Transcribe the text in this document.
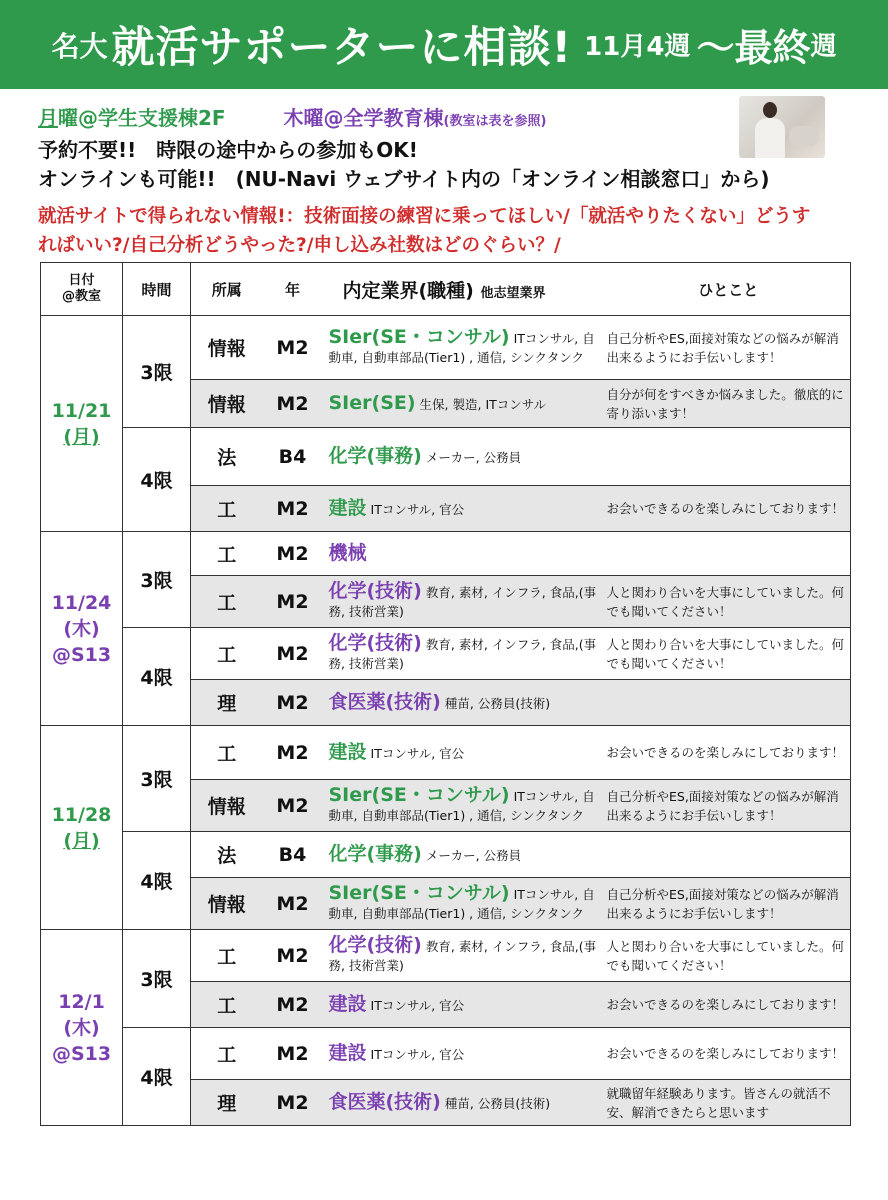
名大 就活サポーターに相談! 11月4週 〜最終 週
月曜@学生支援棟2F	木曜@全学教育棟(教室は表を参照)
予約不要!!　時限の途中からの参加もOK!
オンラインも可能!!　(NU-Navi ウェブサイト内の「オンライン相談窓口」から)
就活サイトで得られない情報!：技術面接の練習に乗ってほしい/「就活やりたくない」どうす
ればいい?/自己分析どうやった?/申し込み社数はどのぐらい？/
日付
@教室	時間	所属	年	内定業界(職種) 他志望業界	ひとこと

11/21
(月)	3限	情報	M2	SIer(SE・コンサル) ITコンサル, 自動車, 自動車部品(Tier1) , 通信, シンクタンク	自己分析やES,面接対策などの悩みが解消出来るようにお手伝いします！
		情報	M2	SIer(SE) 生保, 製造, ITコンサル	自分が何をすべきか悩みました。徹底的に寄り添います！
	4限	法	B4	化学(事務) メーカー, 公務員	
		工	M2	建設 ITコンサル, 官公	お会いできるのを楽しみにしております！

11/24
(木)
@S13	3限	工	M2	機械	
		工	M2	化学(技術) 教育, 素材, インフラ, 食品,(事務, 技術営業)	人と関わり合いを大事にしていました。何でも聞いてください！
	4限	工	M2	化学(技術) 教育, 素材, インフラ, 食品,(事務, 技術営業)	人と関わり合いを大事にしていました。何でも聞いてください！
		理	M2	食医薬(技術) 種苗, 公務員(技術)	

11/28
(月)	3限	工	M2	建設 ITコンサル, 官公	お会いできるのを楽しみにしております！
		情報	M2	SIer(SE・コンサル) ITコンサル, 自動車, 自動車部品(Tier1) , 通信, シンクタンク	自己分析やES,面接対策などの悩みが解消出来るようにお手伝いします！
	4限	法	B4	化学(事務) メーカー, 公務員	
		情報	M2	SIer(SE・コンサル) ITコンサル, 自動車, 自動車部品(Tier1) , 通信, シンクタンク	自己分析やES,面接対策などの悩みが解消出来るようにお手伝いします！

12/1
(木)
@S13	3限	工	M2	化学(技術) 教育, 素材, インフラ, 食品,(事務, 技術営業)	人と関わり合いを大事にしていました。何でも聞いてください！
		工	M2	建設 ITコンサル, 官公	お会いできるのを楽しみにしております！
	4限	工	M2	建設 ITコンサル, 官公	お会いできるのを楽しみにしております！
		理	M2	食医薬(技術) 種苗, 公務員(技術)	就職留年経験あります。皆さんの就活不安、解消できたらと思います
